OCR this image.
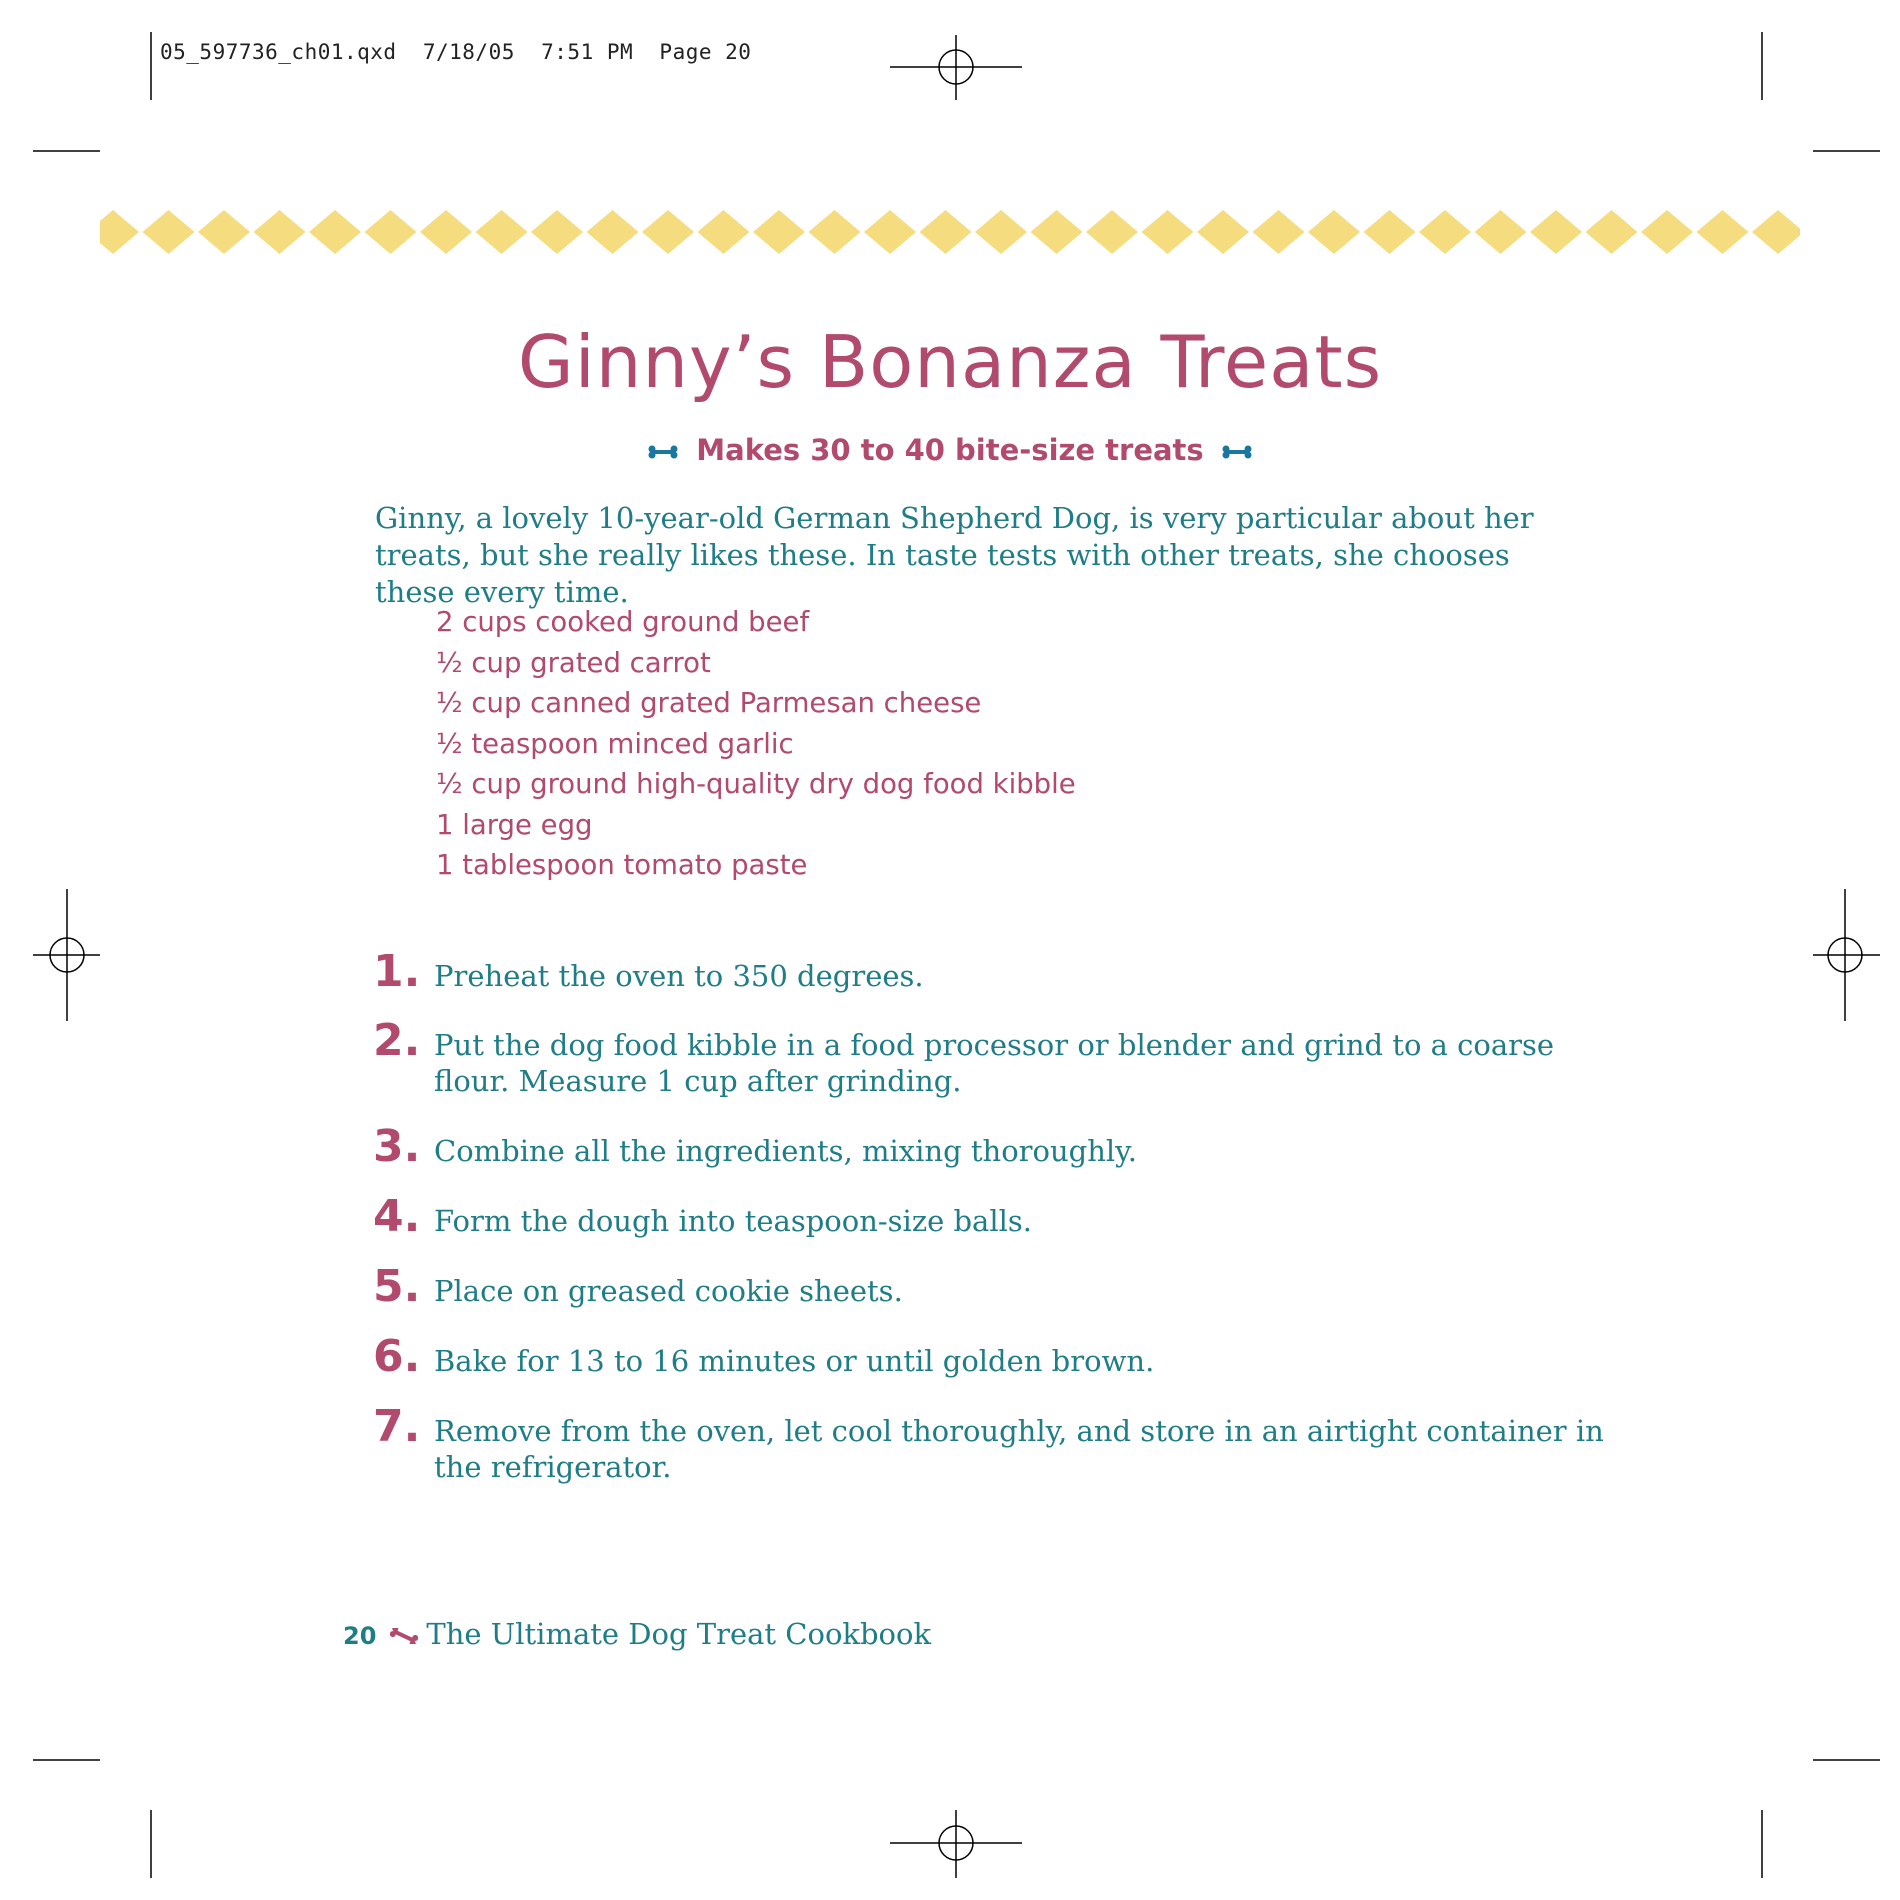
05_597736_ch01.qxd  7/18/05  7:51 PM  Page 20
Ginny’s Bonanza Treats
Makes 30 to 40 bite-size treats

Ginny, a lovely 10-year-old German Shepherd Dog, is very particular about her treats, but she really likes these. In taste tests with other treats, she chooses these every time.

2 cups cooked ground beef
½ cup grated carrot
½ cup canned grated Parmesan cheese
½ teaspoon minced garlic
½ cup ground high-quality dry dog food kibble
1 large egg
1 tablespoon tomato paste
1. Preheat the oven to 350 degrees.
2. Put the dog food kibble in a food processor or blender and grind to a coarse flour. Measure 1 cup after grinding.
3. Combine all the ingredients, mixing thoroughly.
4. Form the dough into teaspoon-size balls.
5. Place on greased cookie sheets.
6. Bake for 13 to 16 minutes or until golden brown.
7. Remove from the oven, let cool thoroughly, and store in an airtight container in the refrigerator.
20 The Ultimate Dog Treat Cookbook
